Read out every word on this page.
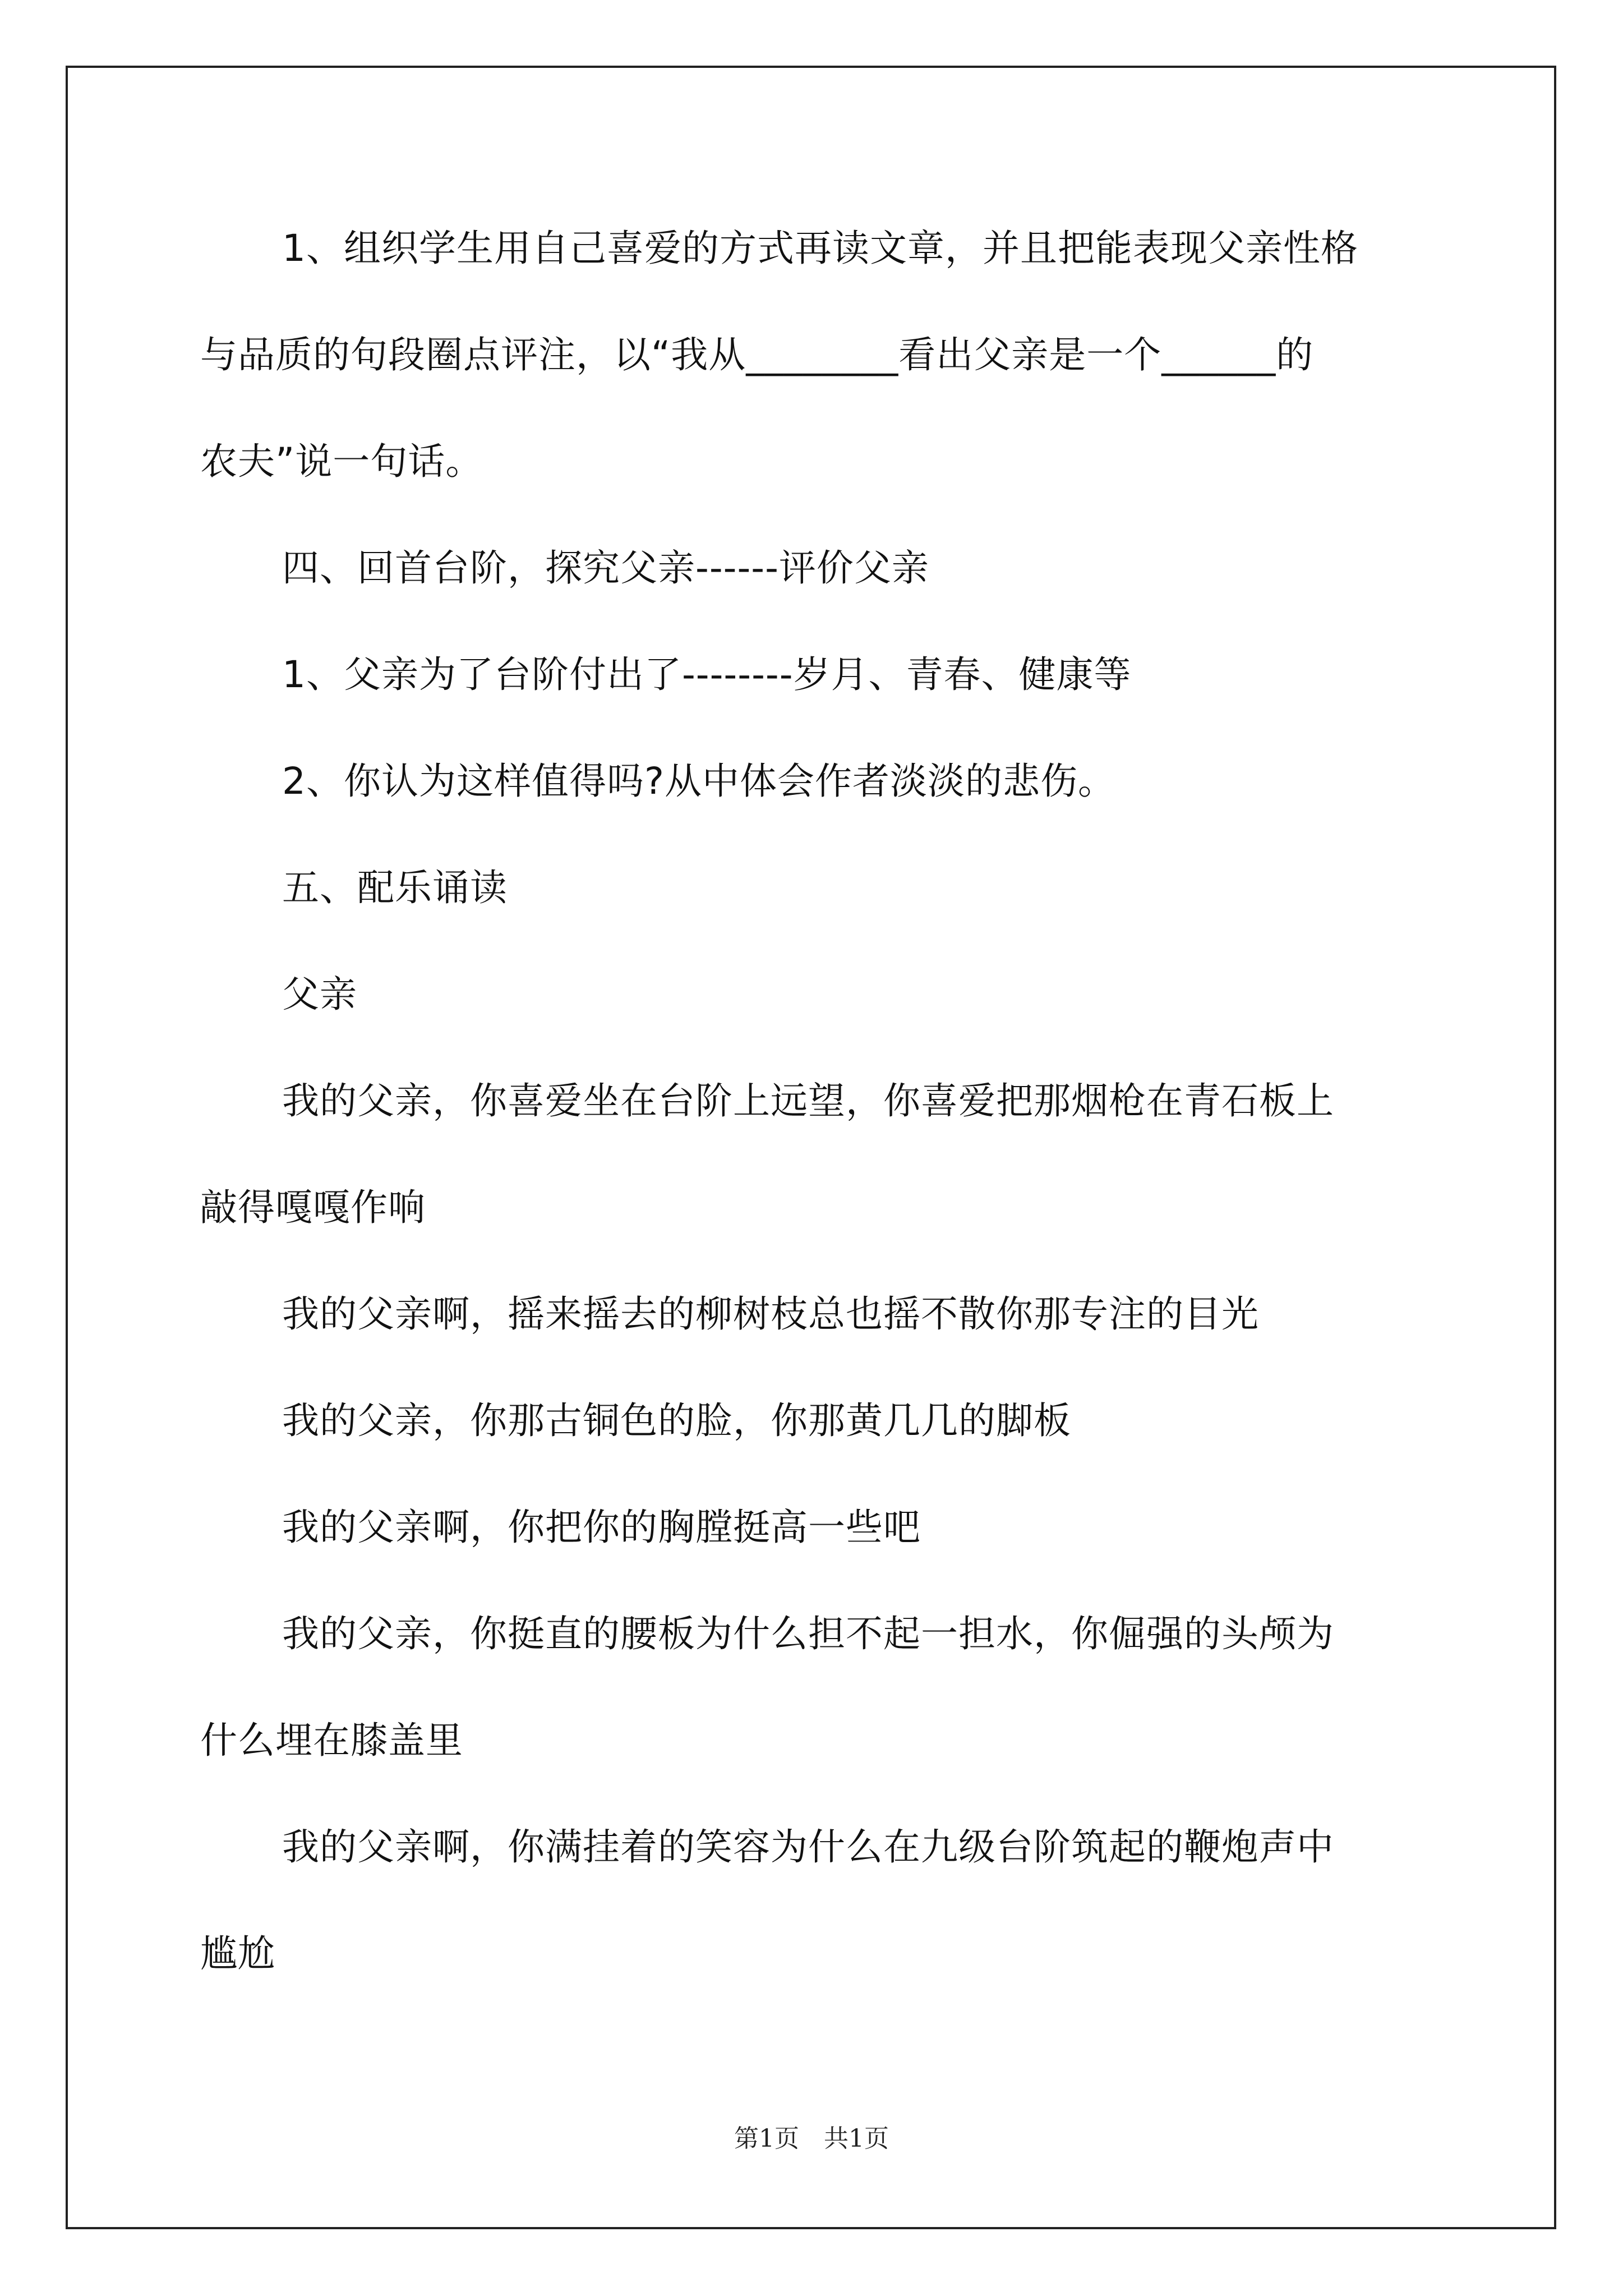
1、组织学生用自己喜爱的方式再读文章，并且把能表现父亲性格
与品质的句段圈点评注，以“我从________看出父亲是一个______的
农夫”说一句话。
四、回首台阶，探究父亲------评价父亲
1、父亲为了台阶付出了--------岁月、青春、健康等
2、你认为这样值得吗?从中体会作者淡淡的悲伤。
五、配乐诵读
父亲
我的父亲，你喜爱坐在台阶上远望，你喜爱把那烟枪在青石板上
敲得嘎嘎作响
我的父亲啊，摇来摇去的柳树枝总也摇不散你那专注的目光
我的父亲，你那古铜色的脸，你那黄几几的脚板
我的父亲啊，你把你的胸膛挺高一些吧
我的父亲，你挺直的腰板为什么担不起一担水，你倔强的头颅为
什么埋在膝盖里
我的父亲啊，你满挂着的笑容为什么在九级台阶筑起的鞭炮声中
尴尬
第1页　共1页
